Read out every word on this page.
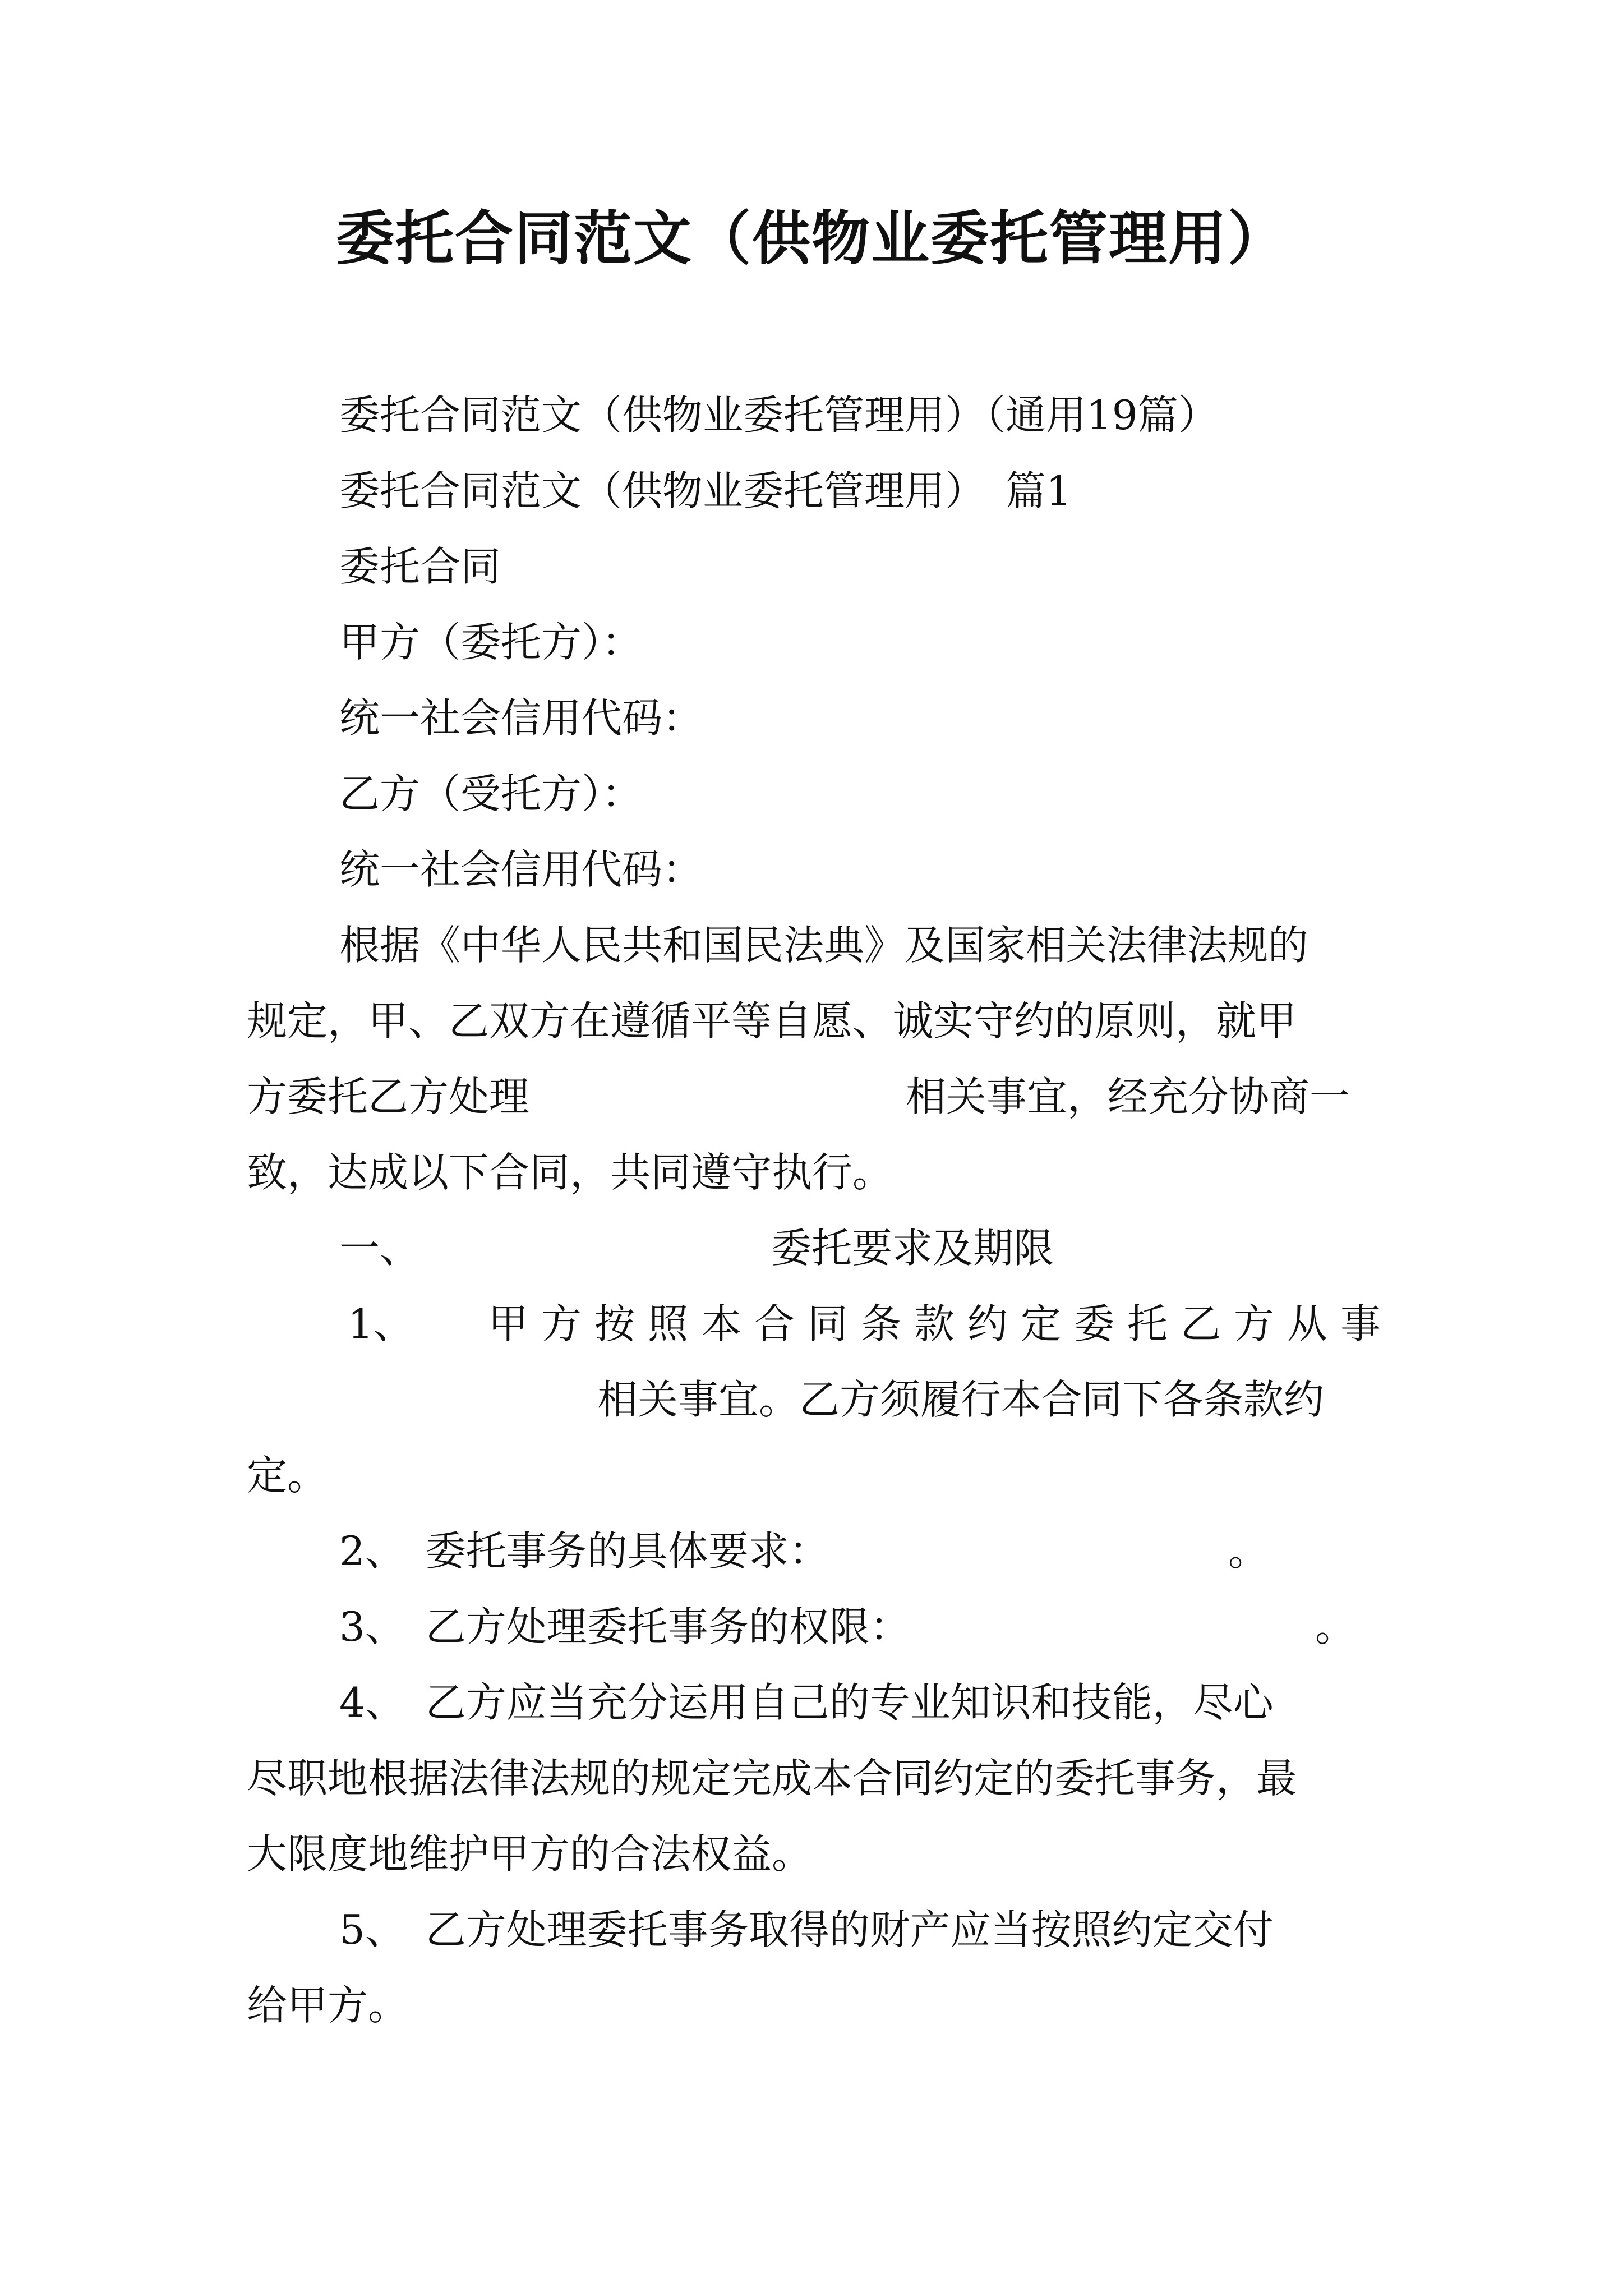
委托合同范文（供物业委托管理用）
委托合同范文（供物业委托管理用）（通用19篇）
委托合同范文（供物业委托管理用）　篇1
委托合同
甲方（委托方）：
统一社会信用代码：
乙方（受托方）：
统一社会信用代码：
根据《中华人民共和国民法典》及国家相关法律法规的
规定，甲、乙双方在遵循平等自愿、诚实守约的原则，就甲
方委托乙方处理	相关事宜，经充分协商一
致，达成以下合同，共同遵守执行。
一、	委托要求及期限
1、 甲方按照本合同条款约定委托乙方从事
相关事宜。乙方须履行本合同下各条款约
定。
2、　委托事务的具体要求：	。
3、　乙方处理委托事务的权限：	。
4、　乙方应当充分运用自己的专业知识和技能，尽心
尽职地根据法律法规的规定完成本合同约定的委托事务，最
大限度地维护甲方的合法权益。
5、　乙方处理委托事务取得的财产应当按照约定交付
给甲方。
